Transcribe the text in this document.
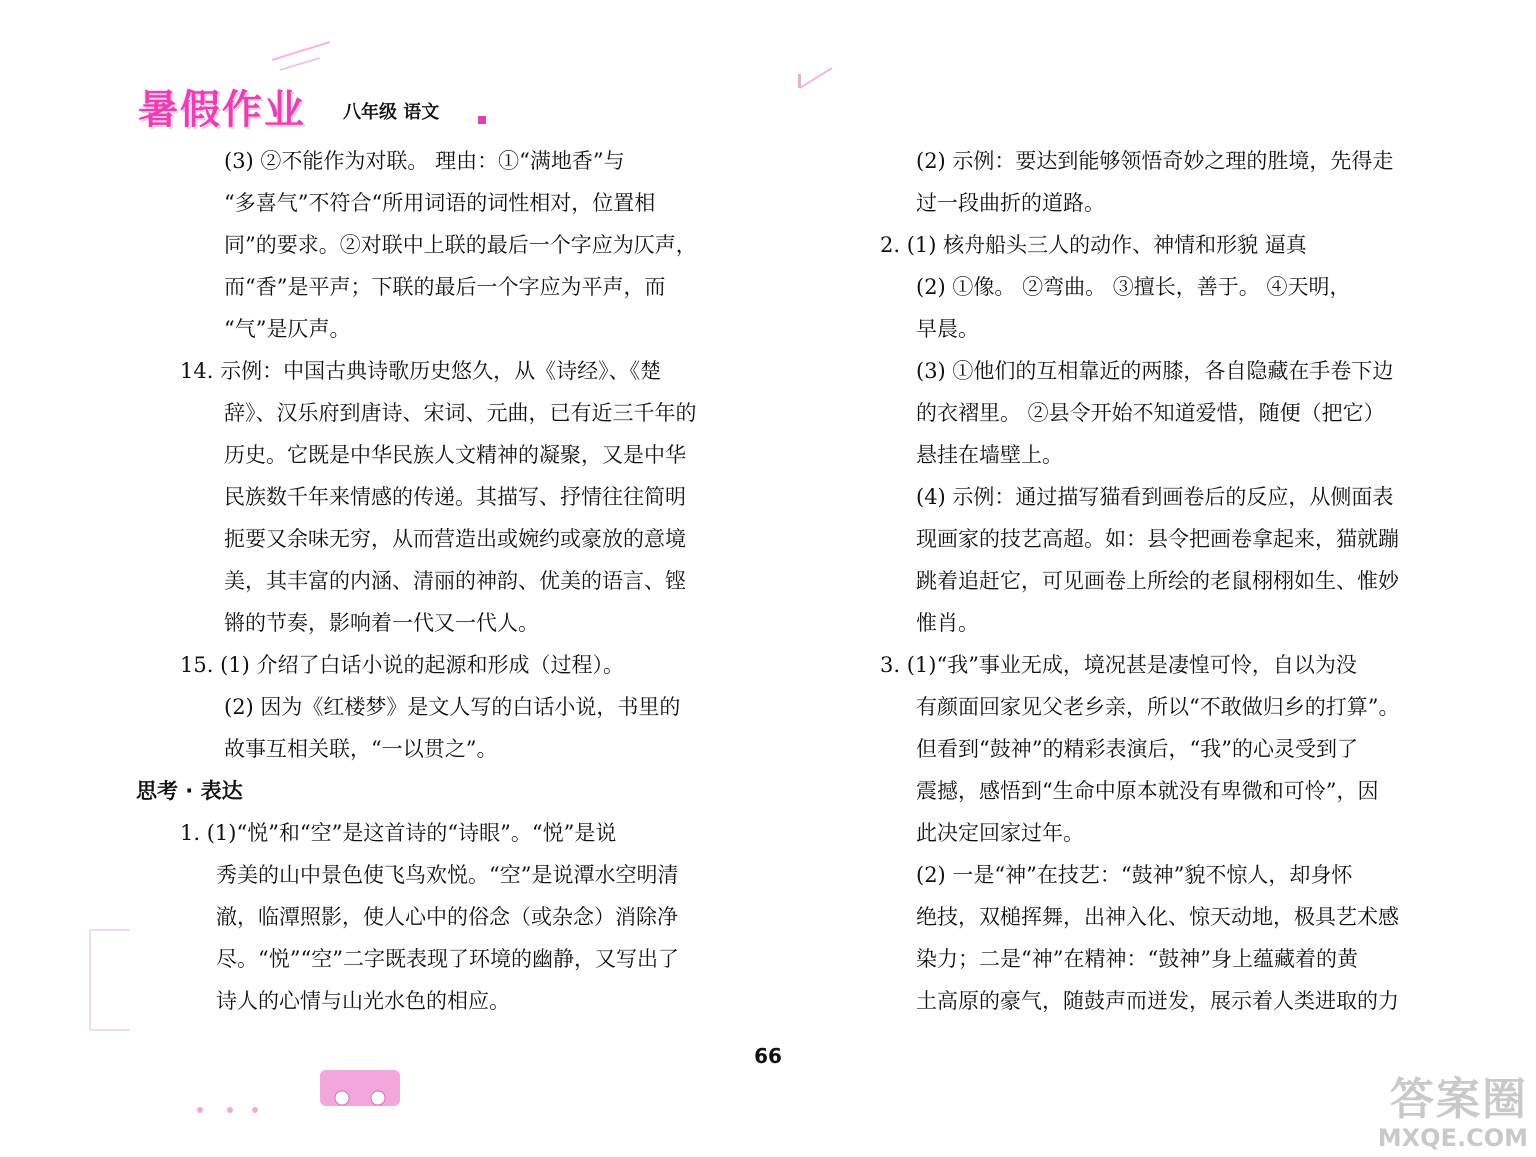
暑假作业 八年级 语文
(3) ②不能作为对联。 理由：①“满地香”与
“多喜气”不符合“所用词语的词性相对，位置相
同”的要求。②对联中上联的最后一个字应为仄声，
而“香”是平声；下联的最后一个字应为平声，而
“气”是仄声。
14. 示例：中国古典诗歌历史悠久，从《诗经》、《楚
辞》、汉乐府到唐诗、宋词、元曲，已有近三千年的
历史。它既是中华民族人文精神的凝聚，又是中华
民族数千年来情感的传递。其描写、抒情往往简明
扼要又余味无穷，从而营造出或婉约或豪放的意境
美，其丰富的内涵、清丽的神韵、优美的语言、铿
锵的节奏，影响着一代又一代人。
15. (1) 介绍了白话小说的起源和形成（过程）。
(2) 因为《红楼梦》是文人写的白话小说，书里的
故事互相关联，“一以贯之”。
思考 · 表达
1. (1)“悦”和“空”是这首诗的“诗眼”。“悦”是说
秀美的山中景色使飞鸟欢悦。“空”是说潭水空明清
澈，临潭照影，使人心中的俗念（或杂念）消除净
尽。“悦”“空”二字既表现了环境的幽静，又写出了
诗人的心情与山光水色的相应。
(2) 示例：要达到能够领悟奇妙之理的胜境，先得走
过一段曲折的道路。
2. (1) 核舟船头三人的动作、神情和形貌 逼真
(2) ①像。 ②弯曲。 ③擅长，善于。 ④天明，
早晨。
(3) ①他们的互相靠近的两膝，各自隐藏在手卷下边
的衣褶里。 ②县令开始不知道爱惜，随便（把它）
悬挂在墙壁上。
(4) 示例：通过描写猫看到画卷后的反应，从侧面表
现画家的技艺高超。如：县令把画卷拿起来，猫就蹦
跳着追赶它，可见画卷上所绘的老鼠栩栩如生、惟妙
惟肖。
3. (1)“我”事业无成，境况甚是凄惶可怜，自以为没
有颜面回家见父老乡亲，所以“不敢做归乡的打算”。
但看到“鼓神”的精彩表演后，“我”的心灵受到了
震撼，感悟到“生命中原本就没有卑微和可怜”，因
此决定回家过年。
(2) 一是“神”在技艺：“鼓神”貌不惊人，却身怀
绝技，双槌挥舞，出神入化、惊天动地，极具艺术感
染力；二是“神”在精神：“鼓神”身上蕴藏着的黄
土高原的豪气，随鼓声而迸发，展示着人类进取的力
66
答案圈
MXQE.COM
